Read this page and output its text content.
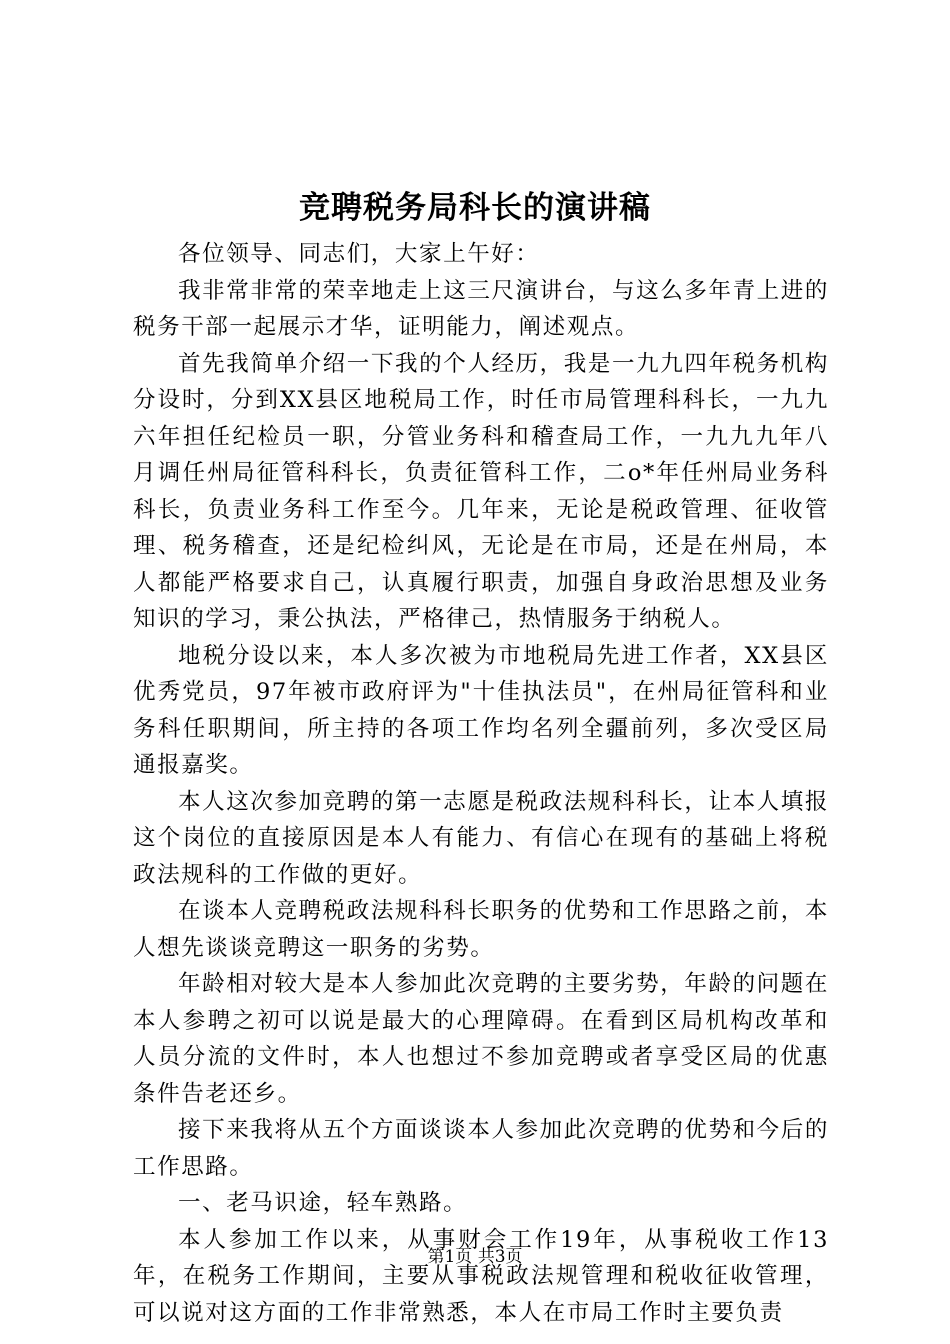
竞聘税务局科长的演讲稿

各位领导、同志们，大家上午好：

我非常非常的荣幸地走上这三尺演讲台，与这么多年青上进的税务干部一起展示才华，证明能力，阐述观点。

首先我简单介绍一下我的个人经历，我是一九九四年税务机构分设时，分到XX县区地税局工作，时任市局管理科科长，一九九六年担任纪检员一职，分管业务科和稽查局工作，一九九九年八月调任州局征管科科长，负责征管科工作，二o*年任州局业务科科长，负责业务科工作至今。几年来，无论是税政管理、征收管理、税务稽查，还是纪检纠风，无论是在市局，还是在州局，本人都能严格要求自己，认真履行职责，加强自身政治思想及业务知识的学习，秉公执法，严格律己，热情服务于纳税人。

地税分设以来，本人多次被为市地税局先进工作者，XX县区优秀党员，97年被市政府评为"十佳执法员"，在州局征管科和业务科任职期间，所主持的各项工作均名列全疆前列，多次受区局通报嘉奖。

本人这次参加竞聘的第一志愿是税政法规科科长，让本人填报这个岗位的直接原因是本人有能力、有信心在现有的基础上将税政法规科的工作做的更好。

在谈本人竞聘税政法规科科长职务的优势和工作思路之前，本人想先谈谈竞聘这一职务的劣势。

年龄相对较大是本人参加此次竞聘的主要劣势，年龄的问题在本人参聘之初可以说是最大的心理障碍。在看到区局机构改革和人员分流的文件时，本人也想过不参加竞聘或者享受区局的优惠条件告老还乡。

接下来我将从五个方面谈谈本人参加此次竞聘的优势和今后的工作思路。

一、老马识途，轻车熟路。

本人参加工作以来，从事财会工作19年，从事税收工作13年，在税务工作期间，主要从事税政法规管理和税收征收管理，可以说对这方面的工作非常熟悉，本人在市局工作时主要负责

第1页 共3页
